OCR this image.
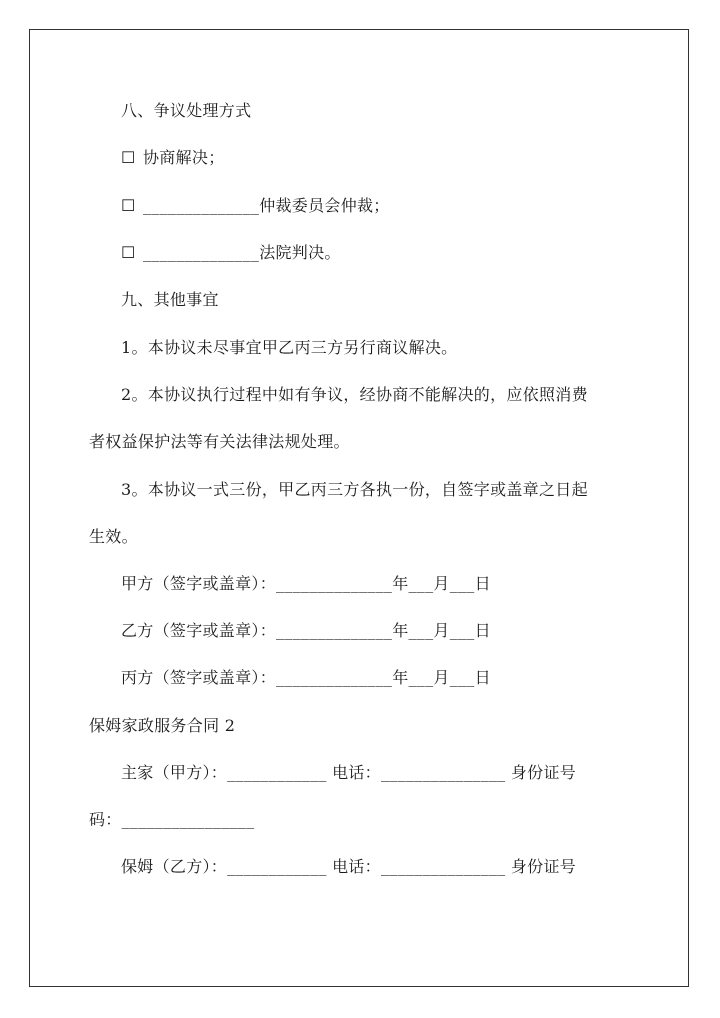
八、争议处理方式
☐ 协商解决；
☐ ______________仲裁委员会仲裁；
☐ ______________法院判决。
九、其他事宜
1。本协议未尽事宜甲乙丙三方另行商议解决。
2。本协议执行过程中如有争议，经协商不能解决的，应依照消费
者权益保护法等有关法律法规处理。
3。本协议一式三份，甲乙丙三方各执一份，自签字或盖章之日起
生效。
甲方（签字或盖章）：______________年___月___日
乙方（签字或盖章）：______________年___月___日
丙方（签字或盖章）：______________年___月___日
保姆家政服务合同 2
主家（甲方）：____________ 电话：_______________ 身份证号
码：________________
保姆（乙方）：____________ 电话：_______________ 身份证号
